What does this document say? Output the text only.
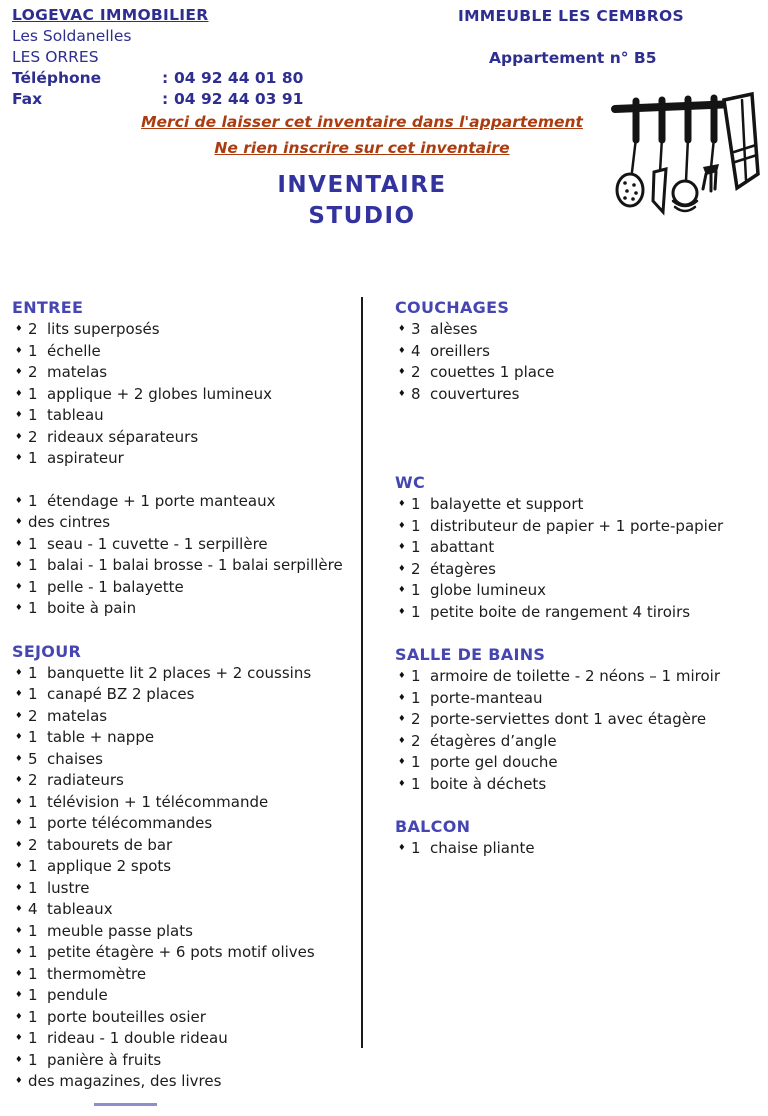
LOGEVAC IMMOBILIER
Les Soldanelles
LES ORRES
Téléphone	: 04 92 44 01 80
Fax	: 04 92 44 03 91
IMMEUBLE LES CEMBROS
Appartement n° B5
Merci de laisser cet inventaire dans l'appartement
Ne rien inscrire sur cet inventaire
INVENTAIRE
STUDIO
ENTREE
♦ 2 lits superposés
♦ 1 échelle
♦ 2 matelas
♦ 1 applique + 2 globes lumineux
♦ 1 tableau
♦ 2 rideaux séparateurs
♦ 1 aspirateur
♦ 1 étendage + 1 porte manteaux
♦ des cintres
♦ 1 seau - 1 cuvette - 1 serpillère
♦ 1 balai - 1 balai brosse - 1 balai serpillère
♦ 1 pelle - 1 balayette
♦ 1 boite à pain
SEJOUR
♦ 1 banquette lit 2 places + 2 coussins
♦ 1 canapé BZ 2 places
♦ 2 matelas
♦ 1 table + nappe
♦ 5 chaises
♦ 2 radiateurs
♦ 1 télévision + 1 télécommande
♦ 1 porte télécommandes
♦ 2 tabourets de bar
♦ 1 applique 2 spots
♦ 1 lustre
♦ 4 tableaux
♦ 1 meuble passe plats
♦ 1 petite étagère + 6 pots motif olives
♦ 1 thermomètre
♦ 1 pendule
♦ 1 porte bouteilles osier
♦ 1 rideau - 1 double rideau
♦ 1 panière à fruits
♦ des magazines, des livres
COUCHAGES
♦ 3 alèses
♦ 4 oreillers
♦ 2 couettes 1 place
♦ 8 couvertures
WC
♦ 1 balayette et support
♦ 1 distributeur de papier + 1 porte-papier
♦ 1 abattant
♦ 2 étagères
♦ 1 globe lumineux
♦ 1 petite boite de rangement 4 tiroirs
SALLE DE BAINS
♦ 1 armoire de toilette - 2 néons – 1 miroir
♦ 1 porte-manteau
♦ 2 porte-serviettes dont 1 avec étagère
♦ 2 étagères d’angle
♦ 1 porte gel douche
♦ 1 boite à déchets
BALCON
♦ 1 chaise pliante
